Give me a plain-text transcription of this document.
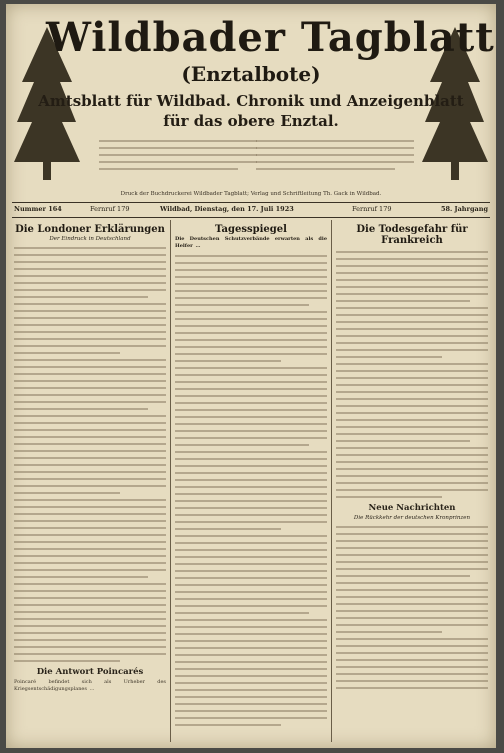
Wildbader Tagblatt
(Enztalbote)
Amtsblatt für Wildbad. Chronik und Anzeigenblatt
für das obere Enztal.
Druck der Buchdruckerei Wildbader Tagblatt; Verlag und Schriftleitung Th. Gack in Wildbad.
Nummer 164	Fernruf 179	Wildbad, Dienstag, den 17. Juli 1923	Fernruf 179	58. Jahrgang
Die Londoner Erklärungen
Der Eindruck in Deutschland
Die Antwort Poincarés

Poincaré befindet sich als Urheber des Kriegsentschädigungsplanes …

Tagesspiegel

Die Deutschen Schutzverbände erwarten als die Helfer …

Die Todesgefahr für Frankreich
Neue Nachrichten
Die Rückkehr der deutschen Kronprinzen
